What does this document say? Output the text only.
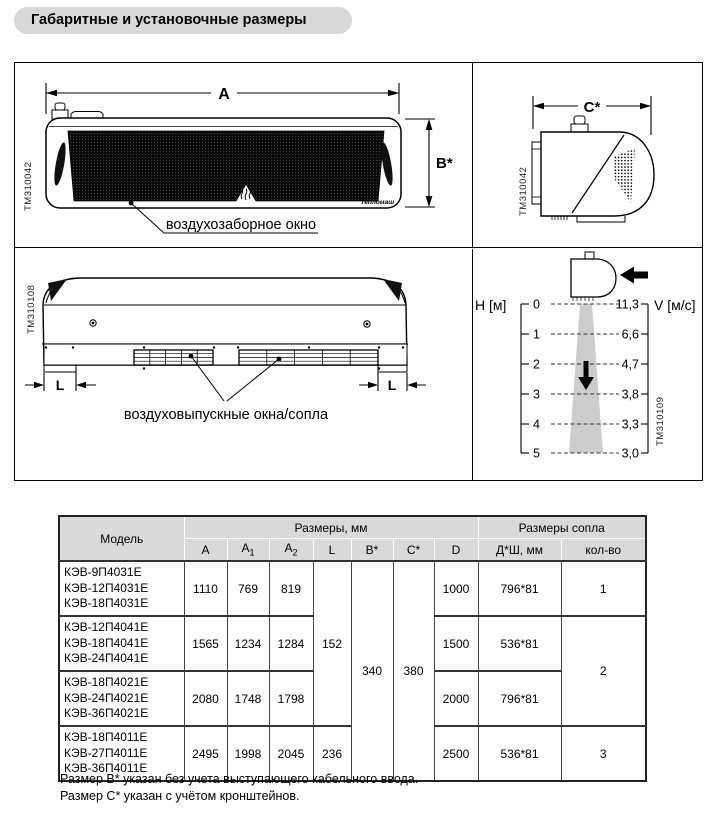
Габаритные и установочные размеры
A
Тепломаш
B*
воздухозаборное окно
TM310042
C*
TM310042
L	L
воздуховыпускные окна/сопла
TM310108	H [м]	V [м/с]
0
1
2
3
4
5
11,3
6,6
4,7
3,8
3,3
3,0
TM310109
Модель	Размеры, мм							Размеры сопла	
	A	$A_1$	$A_2$	L	B*	C*	D	Д*Ш, мм	кол-во

КЭВ-9П4031Е
КЭВ-12П4031Е
КЭВ-18П4031Е	1110	769	819	152	340	380	1000	796*81	1

КЭВ-12П4041Е
КЭВ-18П4041Е
КЭВ-24П4041Е	1565	1234	1284				1500	536*81	2

КЭВ-18П4021Е
КЭВ-24П4021Е
КЭВ-36П4021Е	2080	1748	1798				2000	796*81	

КЭВ-18П4011Е
КЭВ-27П4011Е
КЭВ-36П4011Е	2495	1998	2045	236			2500	536*81	3
Размер B* указан без учета выступающего кабельного ввода.
Размер C* указан с учётом кронштейнов.
